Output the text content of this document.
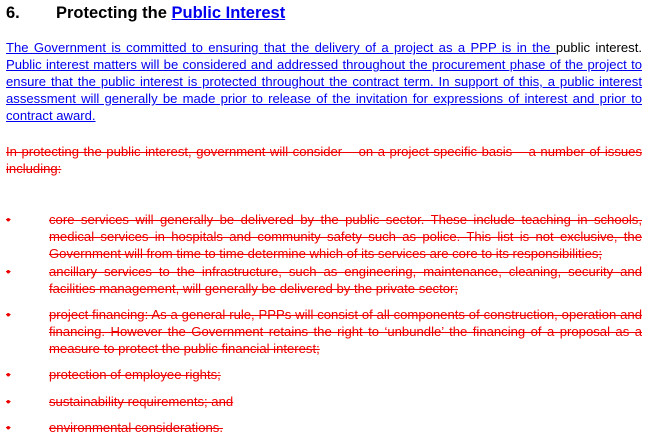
6. Protecting the Public Interest

The Government is committed to ensuring that the delivery of a project as a PPP is in the public interest. Public interest matters will be considered and addressed throughout the procurement phase of the project to ensure that the public interest is protected throughout the contract term. In support of this, a public interest assessment will generally be made prior to release of the invitation for expressions of interest and prior to contract award.

In protecting the public interest, government will consider – on a project specific basis – a number of issues including:

•	core services will generally be delivered by the public sector. These include teaching in schools, medical services in hospitals and community safety such as police. This list is not exclusive, the Government will from time to time determine which of its services are core to its responsibilities;

•	ancillary services to the infrastructure, such as engineering, maintenance, cleaning, security and facilities management, will generally be delivered by the private sector;

•	project financing: As a general rule, PPPs will consist of all components of construction, operation and financing. However the Government retains the right to ‘unbundle’ the financing of a proposal as a measure to protect the public financial interest;

•	protection of employee rights;

•	sustainability requirements; and

•	environmental considerations.
